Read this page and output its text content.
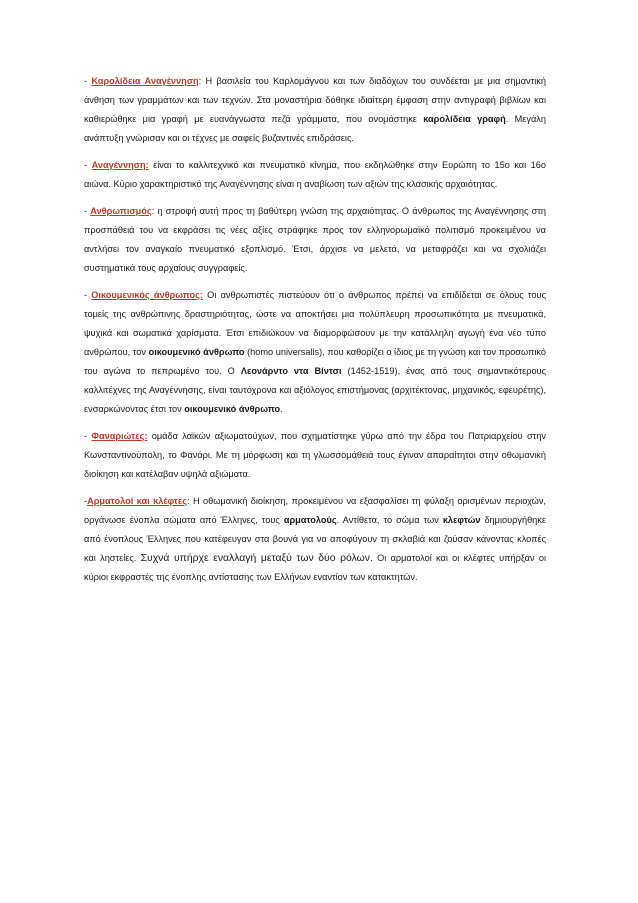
- Καρολίδεια Αναγέννηση: Η βασιλεία του Καρλομάγνου και των διαδόχων του συνδέεται με μια σημαντική άνθηση των γραμμάτων και των τεχνών. Στα μοναστήρια δόθηκε ιδιαίτερη έμφαση στην αντιγραφή βιβλίων και καθιερώθηκε μια γραφή με ευανάγνωστα πεζά γράμματα, που ονομάστηκε καρολίδεια γραφή. Μεγάλη ανάπτυξη γνώρισαν και οι τέχνες με σαφείς βυζαντινές επιδράσεις.

- Αναγέννηση: είναι το καλλιτεχνικό και πνευματικό κίνημα, που εκδηλώθηκε στην Ευρώπη το 15ο και 16ο αιώνα. Κύριο χαρακτηριστικό της Αναγέννησης είναι η αναβίωση των αξιών της κλασικής αρχαιότητας.

- Ανθρωπισμός: η στροφή αυτή προς τη βαθύτερη γνώση της αρχαιότητας. Ο άνθρωπος της Αναγέννησης στη προσπάθειά του να εκφράσει τις νέες αξίες στράφηκε προς τον ελληνορωμαϊκό πολιτισμό προκειμένου να αντλήσει τον αναγκαίο πνευματικό εξοπλισμό. Έτσι, άρχισε να μελετά, να μεταφράζει και να σχολιάζει συστηματικά τους αρχαίους συγγραφείς.

- Οικουμενικός άνθρωπος: Οι ανθρωπιστές πιστεύουν ότι ο άνθρωπος πρέπει να επιδίδεται σε όλους τους τομείς της ανθρώπινης δραστηριότητας, ώστε να αποκτήσει μια πολύπλευρη προσωπικότητα με πνευματικά, ψυχικά και σωματικά χαρίσματα. Έτσι επιδιώκουν να διαμορφώσουν με την κατάλληλη αγωγή ένα νέο τύπο ανθρώπου, τον οικουμενικό άνθρωπο (homo universalis), που καθορίζει ο ίδιος με τη γνώση και τον προσωπικό του αγώνα το πεπρωμένο του. Ο Λεονάρντο ντα Βίντσι (1452-1519), ένας από τους σημαντικότερους καλλιτέχνες της Αναγέννησης, είναι ταυτόχρονα και αξιόλογος επιστήμονας (αρχιτέκτονας, μηχανικός, εφευρέτης), ενσαρκώνοντας έτσι τον οικουμενικό άνθρωπο.

- Φαναριώτες: ομάδα λαϊκών αξιωματούχων, που σχηματίστηκε γύρω από την έδρα του Πατριαρχείου στην Κωνσταντινούπολη, το Φανάρι. Με τη μόρφωση και τη γλωσσομάθειά τους έγιναν απαραίτητοι στην οθωμανική διοίκηση και κατέλαβαν υψηλά αξιώματα.

-Αρματολοί και κλέφτες: Η οθωμανική διοίκηση, προκειμένου να εξασφαλίσει τη φύλαξη ορισμένων περιοχών, οργάνωσε ένοπλα σώματα από Έλληνες, τους αρματολούς. Αντίθετα, το σώμα των κλεφτών δημιουργήθηκε από ένοπλους Έλληνες που κατέφευγαν στα βουνά για να αποφύγουν τη σκλαβιά και ζούσαν κάνοντας κλοπές και ληστείες. Συχνά υπήρχε εναλλαγή μεταξύ των δύο ρόλων. Οι αρματολοί και οι κλέφτες υπήρξαν οι κύριοι εκφραστές της ένοπλης αντίστασης των Ελλήνων εναντίον των κατακτητών.
